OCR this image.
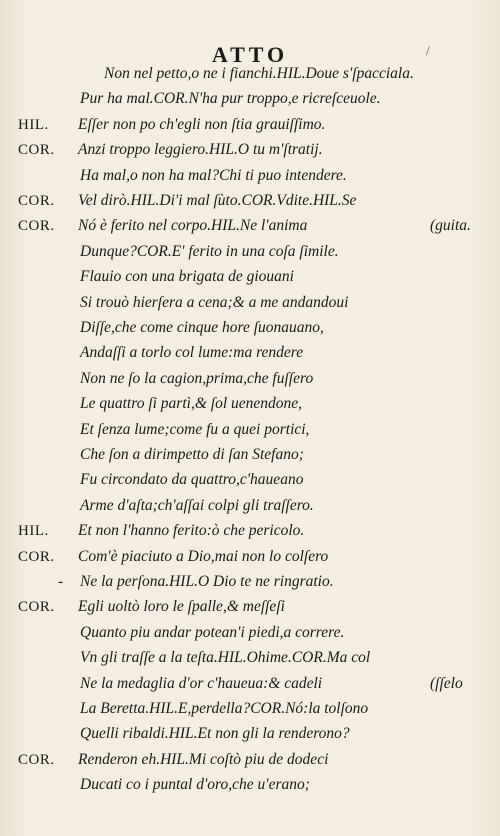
ATTO	/
Non nel petto,o ne i fianchi.HIL.Doue s'ſpacciala.
Pur ha mal.COR.N'ha pur troppo,e ricreſceuole.
HIL. Eſſer non po ch'egli non ſtia grauiſſimo.
COR. Anzi troppo leggiero.HIL.O tu m'ſtratij.
Ha mal,o non ha mal?Chi ti puo intendere.
COR. Vel dirò.HIL.Di'i mal ſùto.COR.Vdite.HIL.Se
COR. Nó è ferito nel corpo.HIL.Ne l'anima	(guita.
Dunque?COR.E' ferito in una coſa ſimile.
Flauio con una brigata de giouani
Si trouò hierſera a cena;& a me andandoui
Diſſe,che come cinque hore ſuonauano,
Andaſſi a torlo col lume:ma rendere
Non ne ſo la cagion,prima,che fuſſero
Le quattro ſi partì,& ſol uenendone,
Et ſenza lume;come fu a quei portici,
Che ſon a dirimpetto di ſan Stefano;
Fu circondato da quattro,c'haueano
Arme d'aſta;ch'aſſai colpi gli traſſero.
HIL. Et non l'hanno ferito:ò che pericolo.
COR. Com'è piaciuto a Dio,mai non lo colſero
- Ne la perſona.HIL.O Dio te ne ringratio.
COR. Egli uoltò loro le ſpalle,& meſſeſi
Quanto piu andar potean'i piedi,a correre.
Vn gli traſſe a la teſta.HIL.Ohime.COR.Ma col
Ne la medaglia d'or c'haueua:& cadeli	(ſſelo
La Beretta.HIL.E,perdella?COR.Nó:la tolſono
Quelli ribaldi.HIL.Et non gli la renderono?
COR. Renderon eh.HIL.Mi coſtò piu de dodeci
Ducati co i puntal d'oro,che u'erano;
